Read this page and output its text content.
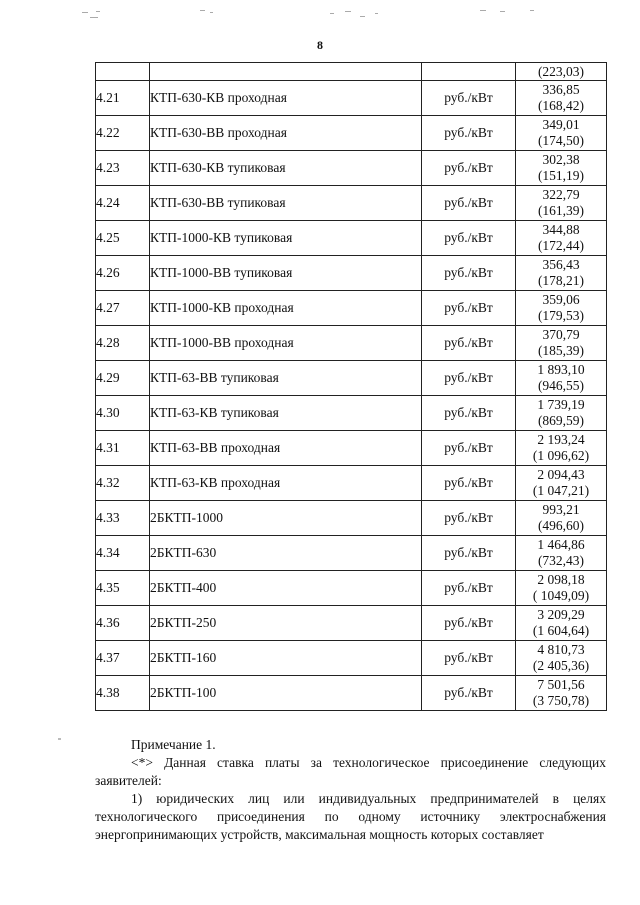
8
			(223,03)
4.21	КТП-630-КВ проходная	руб./кВт	336,85
(168,42)

4.22	КТП-630-ВВ проходная	руб./кВт	349,01
(174,50)

4.23	КТП-630-КВ тупиковая	руб./кВт	302,38
(151,19)

4.24	КТП-630-ВВ тупиковая	руб./кВт	322,79
(161,39)

4.25	КТП-1000-КВ тупиковая	руб./кВт	344,88
(172,44)

4.26	КТП-1000-ВВ тупиковая	руб./кВт	356,43
(178,21)

4.27	КТП-1000-КВ проходная	руб./кВт	359,06
(179,53)

4.28	КТП-1000-ВВ проходная	руб./кВт	370,79
(185,39)

4.29	КТП-63-ВВ тупиковая	руб./кВт	1 893,10
(946,55)

4.30	КТП-63-КВ тупиковая	руб./кВт	1 739,19
(869,59)

4.31	КТП-63-ВВ проходная	руб./кВт	2 193,24
(1 096,62)

4.32	КТП-63-КВ проходная	руб./кВт	2 094,43
(1 047,21)

4.33	2БКТП-1000	руб./кВт	993,21
(496,60)

4.34	2БКТП-630	руб./кВт	1 464,86
(732,43)

4.35	2БКТП-400	руб./кВт	2 098,18
( 1049,09)

4.36	2БКТП-250	руб./кВт	3 209,29
(1 604,64)

4.37	2БКТП-160	руб./кВт	4 810,73
(2 405,36)

4.38	2БКТП-100	руб./кВт	7 501,56
(3 750,78)

Примечание 1.

<*> Данная ставка платы за технологическое присоединение следующих заявителей:

1) юридических лиц или индивидуальных предпринимателей в целях технологического присоединения по одному источнику электроснабжения энергопринимающих устройств, максимальная мощность которых составляет
